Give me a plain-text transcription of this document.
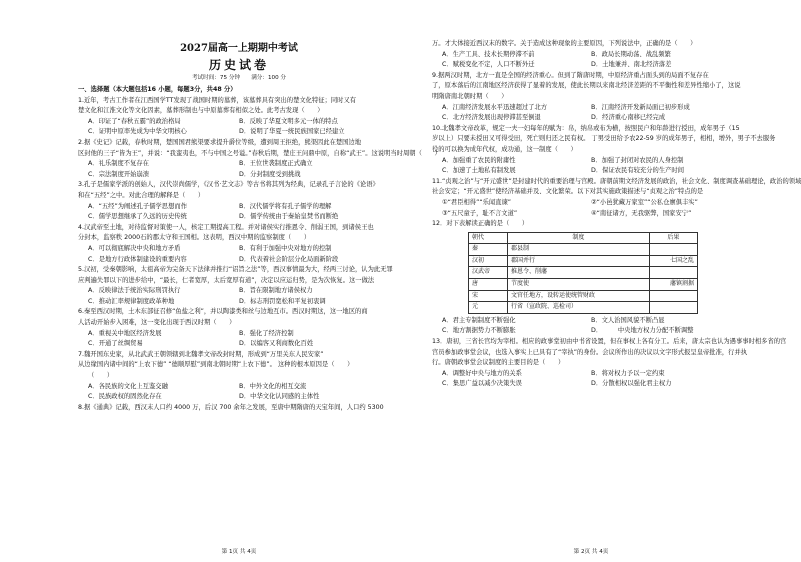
2027届高一上期期中考试
历史试卷
考试时间：75 分钟　　满分：100 分
一、选择题（本大题包括16 小题，每题3分，共48 分）
1.近年，考古工作者在江西国学TT发现了战国时期的墓葬，该墓葬具有突出的楚文化特征；同时又有
楚文化和江淮文化等文化因素，墓葬形制也与中原墓葬有相似之处。此考古发现（　　）
A．印证了“春秋五霸”的政治格局	B．反映了华夏文明多元一体的特点
C．证明中原率先成为中华文明核心	D．说明了华夏一统民族国家已经建立
2.据《史记》记载，春秋时期，楚国国君熊渠要求提升爵位等级，遭到周王拒绝，熊渠因此在楚国边地
区封他的三子“皆为王”，并说：“我蛮夷也，不与中国之号谥。”春秋后期，楚庄王问鼎中原，自称“武王”。这说明当时周朝（　　）
A．礼乐制度不复存在	B．王位世袭制度正式确立
C．宗法制度开始崩溃	D．分封制度受到挑战
3.孔子是儒家学派的创始人，汉代崇尚儒学，《汉书·艺文志》等古书将其列为经典，记录孔子言论的《论语》
和在“五经”之中。对此合理的解释是（　　）
A．“五经”为阐述孔子儒学思想而作	B．汉代儒学将有孔子儒学的理解
C．儒学思想继承了久远的历史传统	D．儒学传统由于秦始皇焚书而断绝
4.汉武帝至土地，对待监督对策使一人，核定工期提高工程。并对诸侯实行推恩令、削弱王国，到诸侯王也
分封本，监察秩 2000石的郡太守和王国相。这表明，西汉中期的监察制度（　　）
A．可以彻底解决中央和地方矛盾	B．有利于加强中央对地方的控制
C．是地方行政体制建设的重要内容	D．代表着社会阶层分化局面新阶段
5.汉初，受秦朝影响，太祖高帝为完备天下法律并推行“诏旨之法”等，西汉事情最为大，经两三讨论，认为此无罪
应判遍失罪以下的进步给中，“最长，仁者宽厚，太后宽厚有道”，决定以应运归势，是为次恢复。这一做法
A．反映律法于统治实际刑罚执行	B．旨在限制地方诸侯权力
C．推动汇率规律制度政革种地	D．标志刑罚宽松和平复初衷调
6.秦至西汉时期，土木东部征召修“鱼盐之利”，并以陶漆类和丝与边地互市。西汉时期这，这一地区的商
人活动开始步入困难，这一变化出现于西汉时期（　　）
A．重视关中地区经济发展	B．强化了经济控制
C．开通了丝绸贸易	D．以编客又利商数化百姓
7.魏开国东史家，从北武武王朝领辖到北魏孝文帝改封时期，形成到“万里关东人民安家”
从边缘国内诸中间的“上农下德” “德顺厚慰”到南北朝时期“上农下德”。 这种的根本原因是（　　）
（　　）
A．各民族的文化上互鉴交融	B．中外文化的相互交流
C．民族政权的固然化存在	D．中华文化认同感的主体性
8.据《通典》记载，西汉末人口约 4000 万，后汉 700 余年之发展，至唐中期隋唐的天宝年间，人口约 5300
第 1页 共 4页
万。才大体接近西汉末的数字。关于造成这种现象的主要原因，下列说法中，正确的是（　　）
A．生产工具、技术长期停滞不前	B．政局长期动荡、战乱频繁
C．赋税变化不定，人口不断外迁	D．土地兼并、南北经济落差
9.据两汉时期，北方一直是全国的经济重心。但到了隋唐时期，中原经济重占面头到的局面不复存在
了，原本落后的江南地区经济获得了显着的发展，使此长期以来南北经济差距的不平衡性和差异性缩小了，这说
明隋唐南北朝时期（　　）
A．江南经济发展水平迅速超过了北方	B．江南经济开发新局面已初步形成
C．北方经济发展出现停滞甚至倒退	D．经济重心南移已经完成
10.北魏孝文帝改革，规定一夫一妇每年的赋为：帛，纳帛或布为横，按照民户和年龄进行授田，成年男子（15
岁以上）只要未授田又可得受田，死亡则归还之民有权。 丁男受田给予农22-59 岁的成年男子，相相，增外，男子不去服务
役的可以换为成年代权，成功通，这一制度（　　）
A．加强重了农民的附庸性	B．加强了封闭对农民的人身控制
C．加速了土地私有制发展	D．保证农民有较充分的生产时间
11.“贞观之治”与“开元盛世”是封建时代的重要治理与宫殿。唐朝前期文经济发展的政治，社会文化、制度调查基础理论，政治的领域
社会安定；“开元盛世”使经济基础并及、文化繁荣。以下对其实施政策描述与“贞观之治”特点的是
①“君臣相得”“乐闻直谏”	②“小邑犹藏万家室”“公私仓廪俱丰实”
③“五尺童子，耻不言文道”	④“南征诸方，无我驱弊，国家安宁”
12．对下表解读正确的是（　　）
朝代	制度	后果
秦	郡县制	
汉初	郡国并行	七国之乱
汉武帝	推恩令、削藩	
唐	节度使	藩镇割据
宋	文官任地方，设转运使统管财政	
元	行省（宣政院、巡检司）	
A．君主专制制度不断强化	B．文人治国风貌不断凸显
C．地方割据势力不断膨胀	D．　　　中央地方权力分配不断调整
13．唐初，三省长官均为宰相。相应的政事堂初由中书省设置，但在事权上各有分工。后来，唐太宗也认为遇事事时相多省的宫
宫员参加政事堂会议，也选入事实上已具有了“宰执”的身份。会议所作出的决议以文字形式报呈皇帝批准，行并执
行。唐朝政事堂会议制度的主要目的是（　　）
A．调整好中央与地方的关系	B．将对权力予以一定约束
C．集思广益以减少决策失误	D．分散相权以强化君主权力
第 2页 共 4页
